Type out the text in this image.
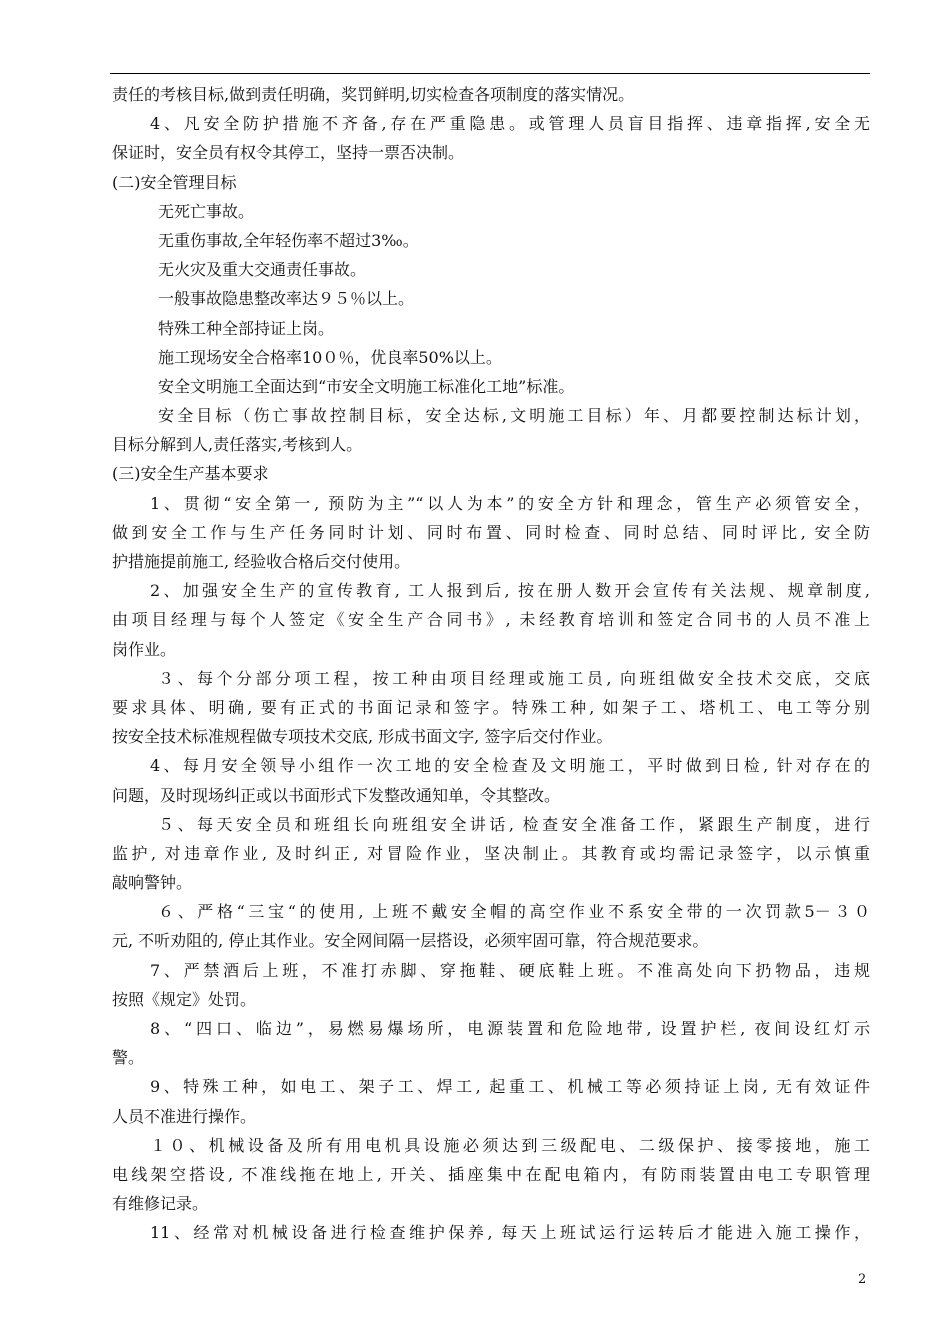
责任的考核目标,做到责任明确，奖罚鲜明,切实检查各项制度的落实情况。
4、凡安全防护措施不齐备,存在严重隐患。或管理人员盲目指挥、违章指挥,安全无
保证时，安全员有权令其停工，坚持一票否决制。
(二)安全管理目标
无死亡事故。
无重伤事故,全年轻伤率不超过3‰。
无火灾及重大交通责任事故。
一般事故隐患整改率达９５％以上。
特殊工种全部持证上岗。
施工现场安全合格率10０％，优良率50%以上。
安全文明施工全面达到“市安全文明施工标准化工地”标准。
安全目标（伤亡事故控制目标，安全达标,文明施工目标）年、月都要控制达标计划，
目标分解到人,责任落实,考核到人。
(三)安全生产基本要求
1、贯彻“安全第一, 预防为主”“以人为本”的安全方针和理念，管生产必须管安全，
做到安全工作与生产任务同时计划、同时布置、同时检查、同时总结、同时评比, 安全防
护措施提前施工, 经验收合格后交付使用。
2、加强安全生产的宣传教育, 工人报到后, 按在册人数开会宣传有关法规、规章制度,
由项目经理与每个人签定《安全生产合同书》, 未经教育培训和签定合同书的人员不准上
岗作业。
３、每个分部分项工程，按工种由项目经理或施工员, 向班组做安全技术交底，交底
要求具体、明确, 要有正式的书面记录和签字。特殊工种, 如架子工、塔机工、电工等分别
按安全技术标准规程做专项技术交底, 形成书面文字, 签字后交付作业。
4、每月安全领导小组作一次工地的安全检查及文明施工，平时做到日检, 针对存在的
问题，及时现场纠正或以书面形式下发整改通知单，令其整改。
５、每天安全员和班组长向班组安全讲话, 检查安全准备工作，紧跟生产制度，进行
监护, 对违章作业, 及时纠正, 对冒险作业，坚决制止。其教育或均需记录签字，以示慎重
敲响警钟。
６、严格“三宝“的使用, 上班不戴安全帽的高空作业不系安全带的一次罚款5－３０
元, 不听劝阻的, 停止其作业。安全网间隔一层搭设，必须牢固可靠，符合规范要求。
7、严禁酒后上班，不准打赤脚、穿拖鞋、硬底鞋上班。不准高处向下扔物品，违规
按照《规定》处罚。
8、“四口、临边”，易燃易爆场所，电源装置和危险地带, 设置护栏, 夜间设红灯示
警。
9、特殊工种，如电工、架子工、焊工, 起重工、机械工等必须持证上岗, 无有效证件
人员不准进行操作。
１０、机械设备及所有用电机具设施必须达到三级配电、二级保护、接零接地，施工
电线架空搭设, 不准线拖在地上, 开关、插座集中在配电箱内，有防雨装置由电工专职管理
有维修记录。
11、经常对机械设备进行检查维护保养, 每天上班试运行运转后才能进入施工操作，
2
